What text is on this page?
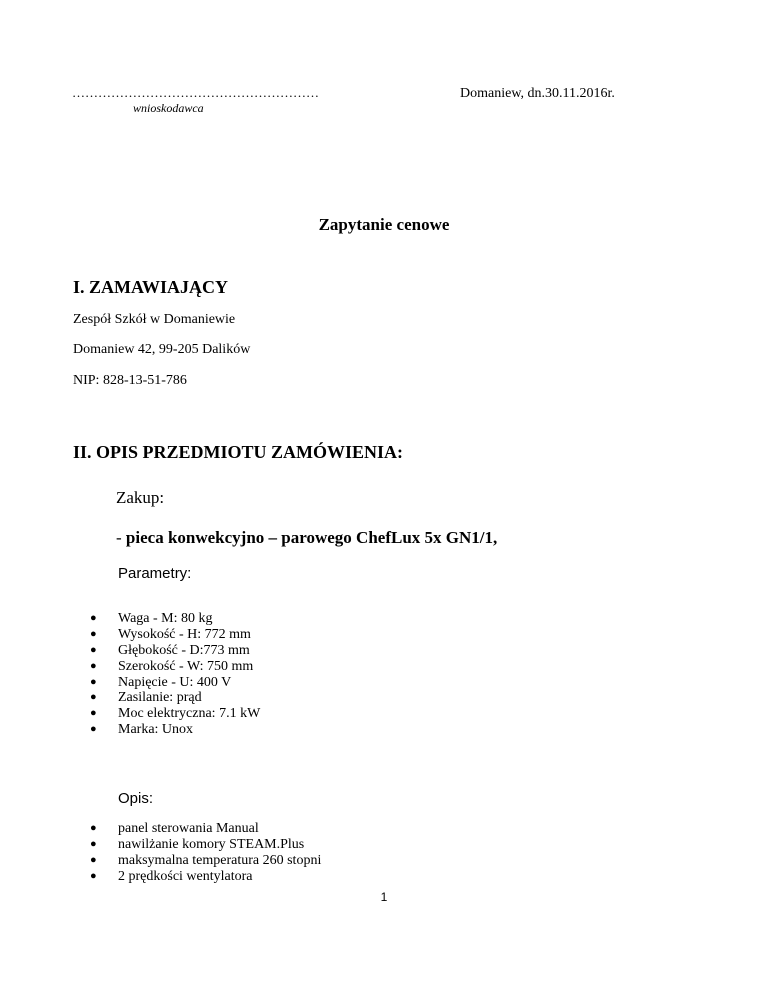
…………………………………………………
wnioskodawca
Domaniew, dn.30.11.2016r.
Zapytanie cenowe
I. ZAMAWIAJĄCY
Zespół Szkół w Domaniewie
Domaniew 42, 99-205 Dalików
NIP: 828-13-51-786
II. OPIS PRZEDMIOTU ZAMÓWIENIA:
Zakup:
- pieca konwekcyjno – parowego ChefLux 5x GN1/1,
Parametry:
● Waga - M: 80 kg
● Wysokość - H: 772 mm
● Głębokość - D:773 mm
● Szerokość - W: 750 mm
● Napięcie - U: 400 V
● Zasilanie: prąd
● Moc elektryczna: 7.1 kW
● Marka: Unox
Opis:
● panel sterowania Manual
● nawilżanie komory STEAM.Plus
● maksymalna temperatura 260 stopni
● 2 prędkości wentylatora
1
